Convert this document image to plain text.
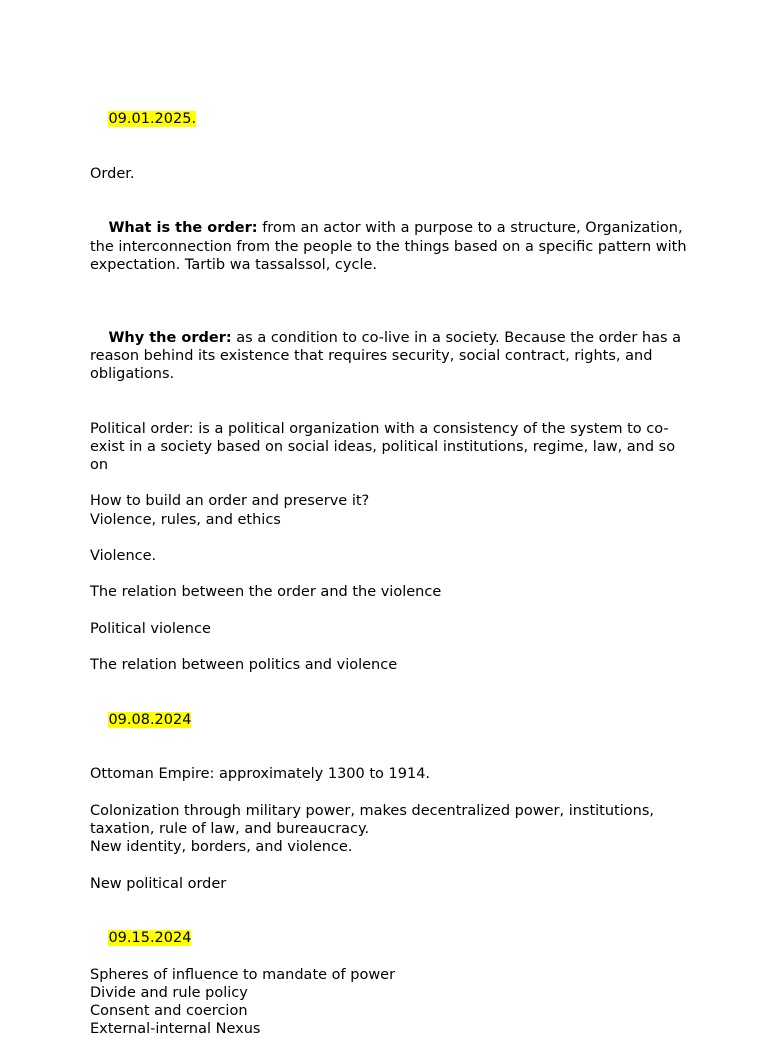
09.01.2025.

Order.

What is the order: from an actor with a purpose to a structure, Organization, the interconnection from the people to the things based on a specific pattern with expectation. Tartib wa tassalssol, cycle.

Why the order: as a condition to co-live in a society. Because the order has a reason behind its existence that requires security, social contract, rights, and obligations.

Political order: is a political organization with a consistency of the system to co-exist in a society based on social ideas, political institutions, regime, law, and so on
How to build an order and preserve it?
Violence, rules, and ethics
Violence.
The relation between the order and the violence
Political violence
The relation between politics and violence

09.08.2024

Ottoman Empire: approximately 1300 to 1914.
Colonization through military power, makes decentralized power, institutions, taxation, rule of law, and bureaucracy.
New identity, borders, and violence.
New political order

09.15.2024

Spheres of influence to mandate of power
Divide and rule policy
Consent and coercion
External-internal Nexus
